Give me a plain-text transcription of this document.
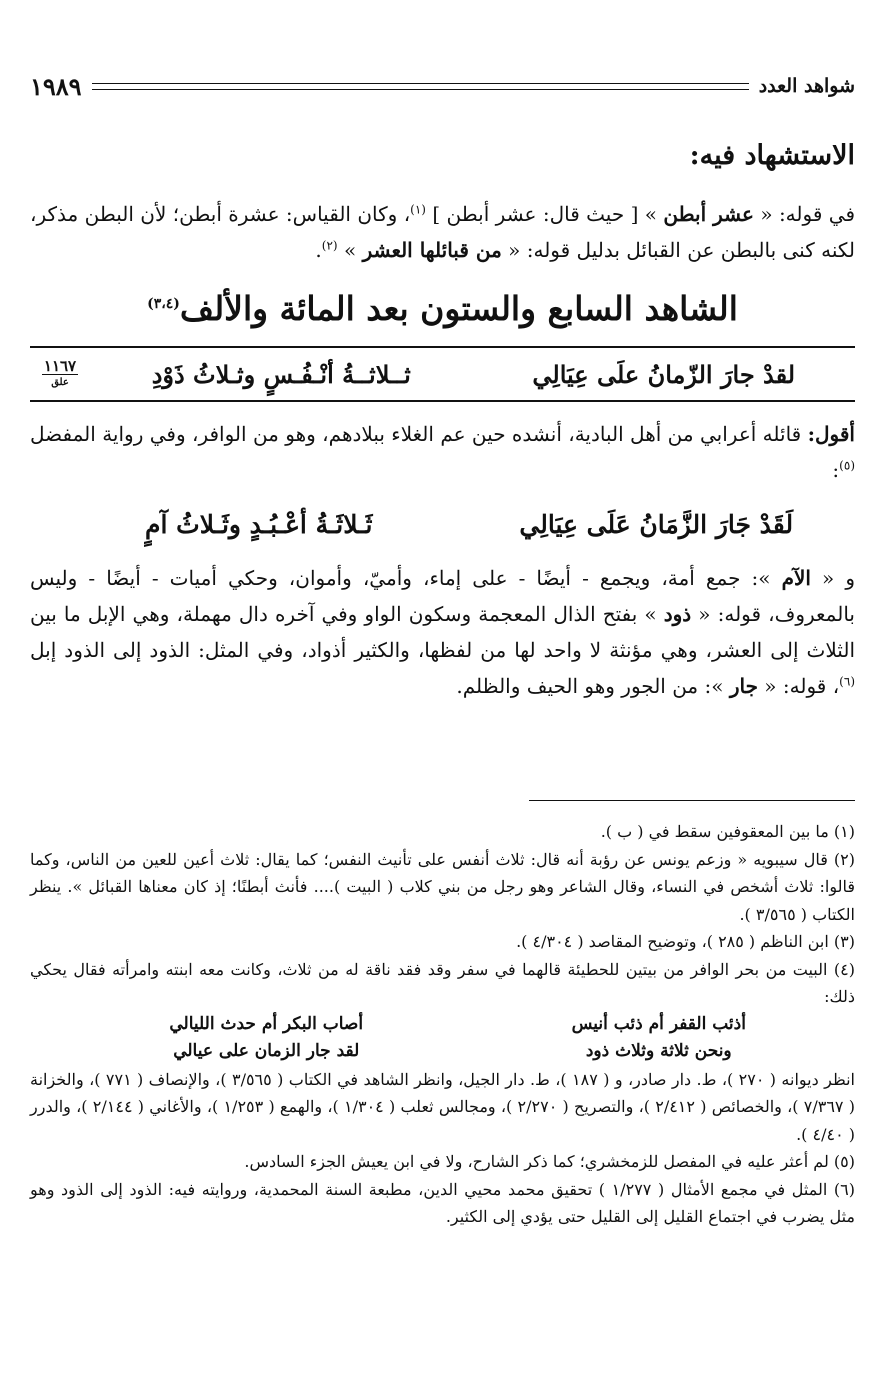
شواهد العدد
١٩٨٩
الاستشهاد فيه:
في قوله: « عشر أبطن » [ حيث قال: عشر أبطن ] $^{(١)}$، وكان القياس: عشرة أبطن؛ لأن البطن مذكر، لكنه كنى بالبطن عن القبائل بدليل قوله: « من قبائلها العشر » $^{(٢)}$.
الشاهد السابع والستون بعد المائة والألف$^{(٣،٤)}$
لقدْ جارَ الزّمانُ علَى عِيَالِي
ثــلاثــةُ أنْـفُـسٍ وثـلاثُ ذَوْدِ
١١٦٧
علق
أقول: قائله أعرابي من أهل البادية، أنشده حين عم الغلاء ببلادهم، وهو من الوافر، وفي رواية المفضل $^{(٥)}$:
لَقَدْ جَارَ الزَّمَانُ عَلَى عِيَالِي
ثَـلاثَـةُ أعْـبُـدٍ وثَـلاثُ آمٍ
و « الآم »: جمع أمة، ويجمع - أيضًا - على إماء، وأميّ، وأموان، وحكي أميات - أيضًا - وليس بالمعروف، قوله: « ذود » بفتح الذال المعجمة وسكون الواو وفي آخره دال مهملة، وهي الإبل ما بين الثلاث إلى العشر، وهي مؤنثة لا واحد لها من لفظها، والكثير أذواد، وفي المثل: الذود إلى الذود إبل $^{(٦)}$، قوله: « جار »: من الجور وهو الحيف والظلم.
(١) ما بين المعقوفين سقط في ( ب ).
(٢) قال سيبويه « وزعم يونس عن رؤبة أنه قال: ثلاث أنفس على تأنيث النفس؛ كما يقال: ثلاث أعين للعين من الناس، وكما قالوا: ثلاث أشخص في النساء، وقال الشاعر وهو رجل من بني كلاب ( البيت ).... فأنث أبطنًا؛ إذ كان معناها القبائل ». ينظر الكتاب ( ٣/٥٦٥ ).
(٣) ابن الناظم ( ٢٨٥ )، وتوضيح المقاصد ( ٤/٣٠٤ ).
(٤) البيت من بحر الوافر من بيتين للحطيئة قالهما في سفر وقد فقد ناقة له من ثلاث، وكانت معه ابنته وامرأته فقال يحكي ذلك:
أذئب القفر أم ذئب أنيس
أصاب البكر أم حدث الليالي
ونحن ثلاثة وثلاث ذود
لقد جار الزمان على عيالي
انظر ديوانه ( ٢٧٠ )، ط. دار صادر، و ( ١٨٧ )، ط. دار الجيل، وانظر الشاهد في الكتاب ( ٣/٥٦٥ )، والإنصاف ( ٧٧١ )، والخزانة ( ٧/٣٦٧ )، والخصائص ( ٢/٤١٢ )، والتصريح ( ٢/٢٧٠ )، ومجالس ثعلب ( ١/٣٠٤ )، والهمع ( ١/٢٥٣ )، والأغاني ( ٢/١٤٤ )، والدرر ( ٤/٤٠ ).
(٥) لم أعثر عليه في المفصل للزمخشري؛ كما ذكر الشارح، ولا في ابن يعيش الجزء السادس.
(٦) المثل في مجمع الأمثال ( ١/٢٧٧ ) تحقيق محمد محيي الدين، مطبعة السنة المحمدية، وروايته فيه: الذود إلى الذود وهو مثل يضرب في اجتماع القليل إلى القليل حتى يؤدي إلى الكثير.
